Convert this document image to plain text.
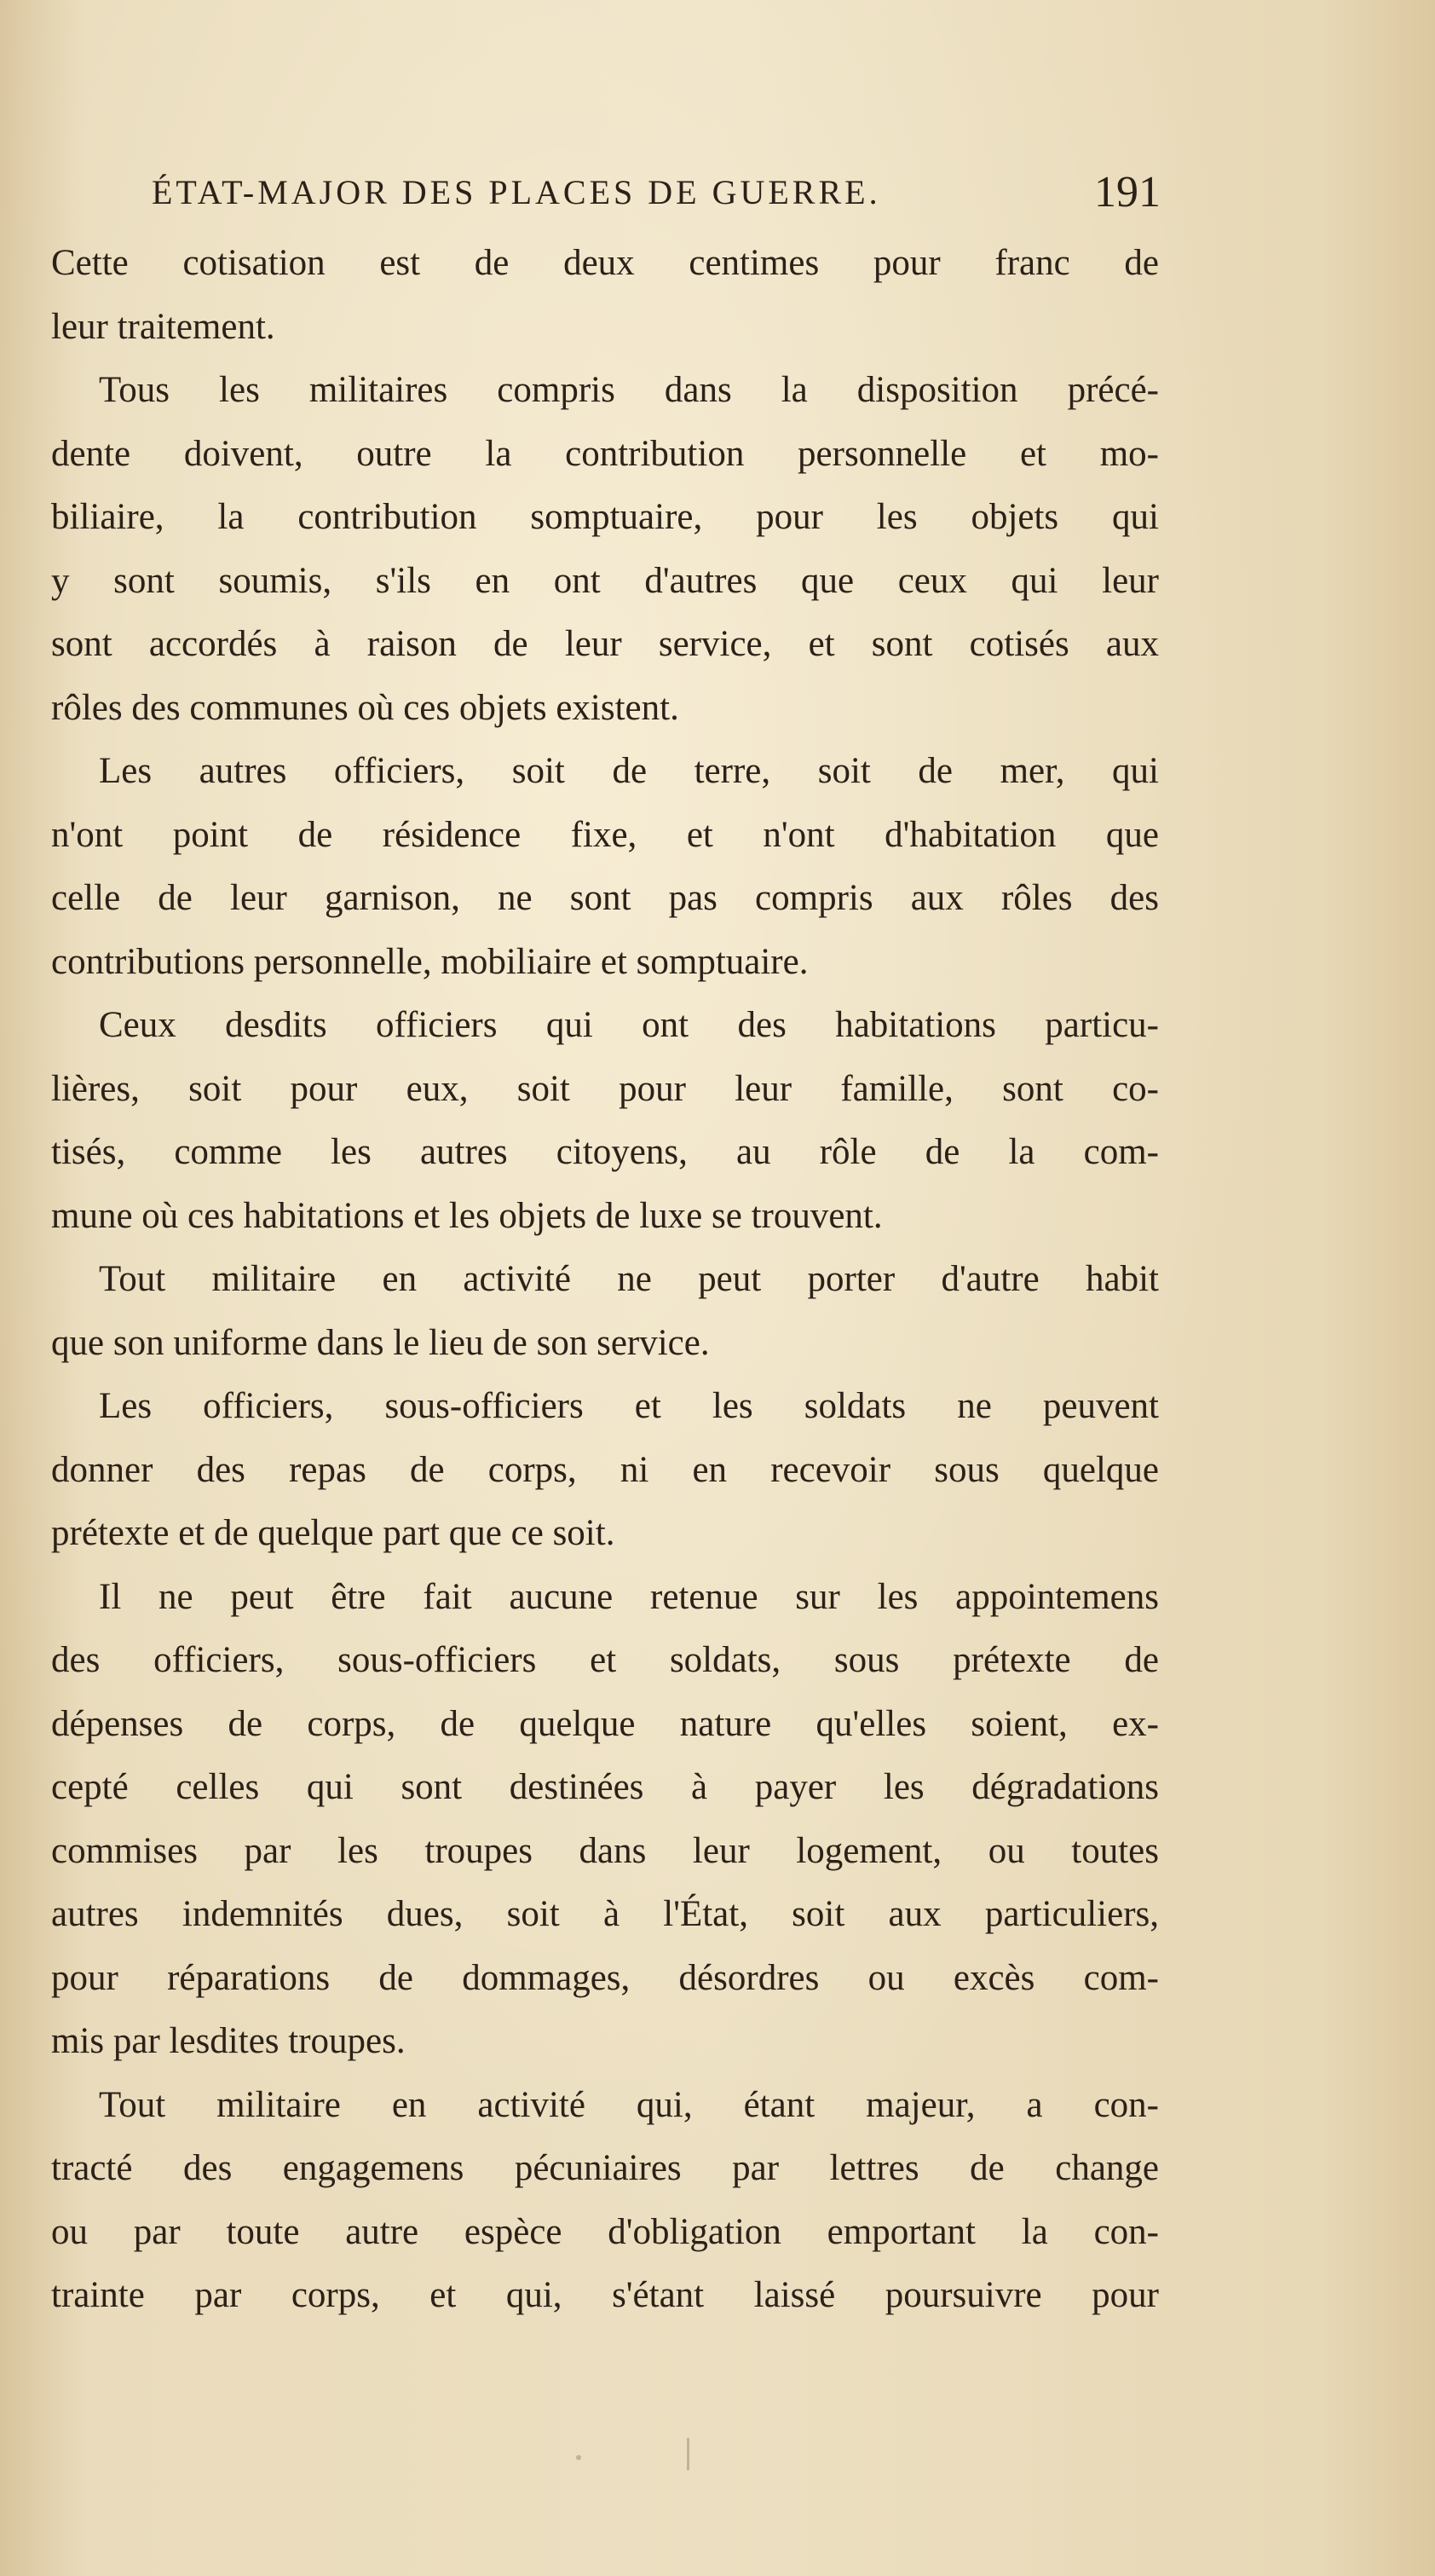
ÉTAT-MAJOR DES PLACES DE GUERRE.	191
Cette cotisation est de deux centimes pour franc de
leur traitement.
Tous les militaires compris dans la disposition précé-
dente doivent, outre la contribution personnelle et mo-
biliaire, la contribution somptuaire, pour les objets qui
y sont soumis, s'ils en ont d'autres que ceux qui leur
sont accordés à raison de leur service, et sont cotisés aux
rôles des communes où ces objets existent.
Les autres officiers, soit de terre, soit de mer, qui
n'ont point de résidence fixe, et n'ont d'habitation que
celle de leur garnison, ne sont pas compris aux rôles des
contributions personnelle, mobiliaire et somptuaire.
Ceux desdits officiers qui ont des habitations particu-
lières, soit pour eux, soit pour leur famille, sont co-
tisés, comme les autres citoyens, au rôle de la com-
mune où ces habitations et les objets de luxe se trouvent.
Tout militaire en activité ne peut porter d'autre habit
que son uniforme dans le lieu de son service.
Les officiers, sous-officiers et les soldats ne peuvent
donner des repas de corps, ni en recevoir sous quelque
prétexte et de quelque part que ce soit.
Il ne peut être fait aucune retenue sur les appointemens
des officiers, sous-officiers et soldats, sous prétexte de
dépenses de corps, de quelque nature qu'elles soient, ex-
cepté celles qui sont destinées à payer les dégradations
commises par les troupes dans leur logement, ou toutes
autres indemnités dues, soit à l'État, soit aux particuliers,
pour réparations de dommages, désordres ou excès com-
mis par lesdites troupes.
Tout militaire en activité qui, étant majeur, a con-
tracté des engagemens pécuniaires par lettres de change
ou par toute autre espèce d'obligation emportant la con-
trainte par corps, et qui, s'étant laissé poursuivre pour
